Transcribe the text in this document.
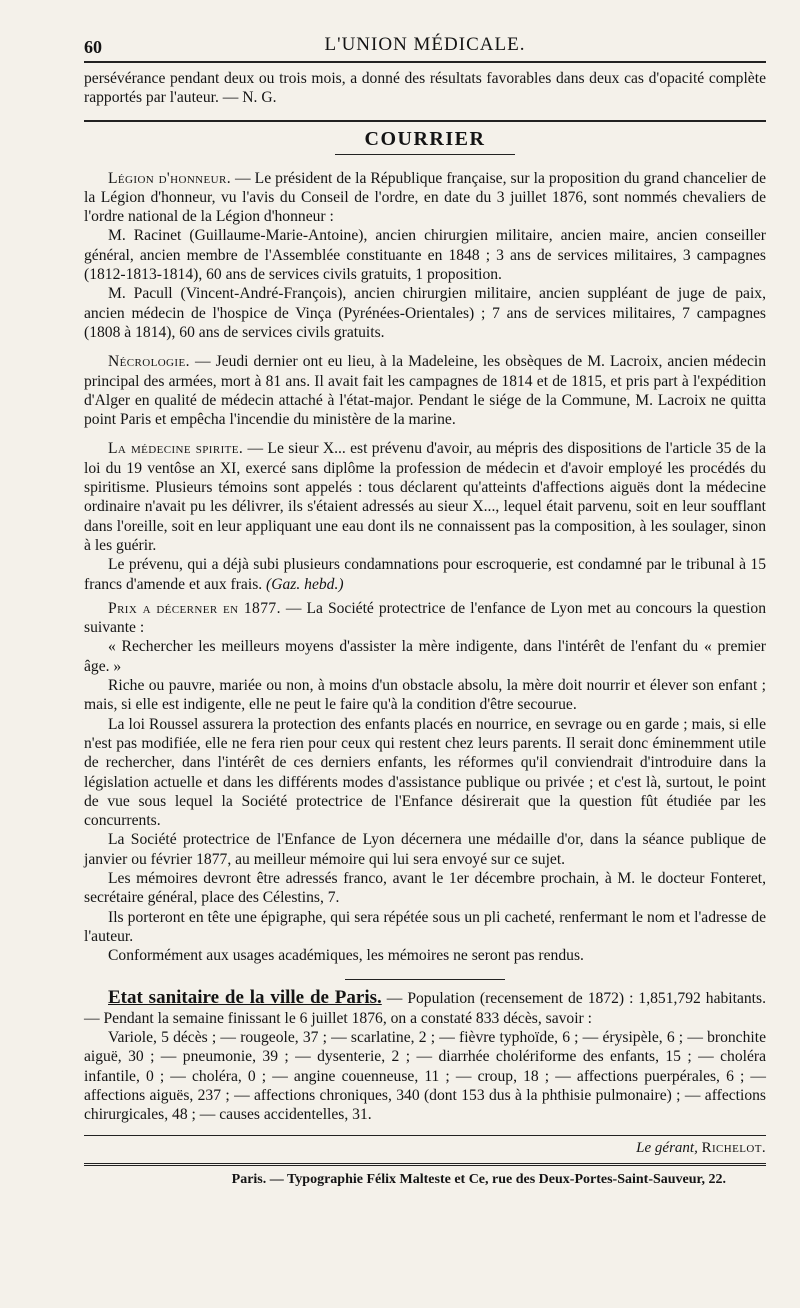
60	L'UNION MÉDICALE.

persévérance pendant deux ou trois mois, a donné des résultats favorables dans deux cas d'opacité complète rapportés par l'auteur. — N. G.

COURRIER

Légion d'honneur. — Le président de la République française, sur la proposition du grand chancelier de la Légion d'honneur, vu l'avis du Conseil de l'ordre, en date du 3 juillet 1876, sont nommés chevaliers de l'ordre national de la Légion d'honneur :

M. Racinet (Guillaume-Marie-Antoine), ancien chirurgien militaire, ancien maire, ancien conseiller général, ancien membre de l'Assemblée constituante en 1848 ; 3 ans de services militaires, 3 campagnes (1812-1813-1814), 60 ans de services civils gratuits, 1 proposition.

M. Pacull (Vincent-André-François), ancien chirurgien militaire, ancien suppléant de juge de paix, ancien médecin de l'hospice de Vinça (Pyrénées-Orientales) ; 7 ans de services militaires, 7 campagnes (1808 à 1814), 60 ans de services civils gratuits.

Nécrologie. — Jeudi dernier ont eu lieu, à la Madeleine, les obsèques de M. Lacroix, ancien médecin principal des armées, mort à 81 ans. Il avait fait les campagnes de 1814 et de 1815, et pris part à l'expédition d'Alger en qualité de médecin attaché à l'état-major. Pendant le siége de la Commune, M. Lacroix ne quitta point Paris et empêcha l'incendie du ministère de la marine.

La médecine spirite. — Le sieur X... est prévenu d'avoir, au mépris des dispositions de l'article 35 de la loi du 19 ventôse an XI, exercé sans diplôme la profession de médecin et d'avoir employé les procédés du spiritisme. Plusieurs témoins sont appelés : tous déclarent qu'atteints d'affections aiguës dont la médecine ordinaire n'avait pu les délivrer, ils s'étaient adressés au sieur X..., lequel était parvenu, soit en leur soufflant dans l'oreille, soit en leur appliquant une eau dont ils ne connaissent pas la composition, à les soulager, sinon à les guérir.

Le prévenu, qui a déjà subi plusieurs condamnations pour escroquerie, est condamné par le tribunal à 15 francs d'amende et aux frais. (Gaz. hebd.)

Prix a décerner en 1877. — La Société protectrice de l'enfance de Lyon met au concours la question suivante :

« Rechercher les meilleurs moyens d'assister la mère indigente, dans l'intérêt de l'enfant du « premier âge. »

Riche ou pauvre, mariée ou non, à moins d'un obstacle absolu, la mère doit nourrir et élever son enfant ; mais, si elle est indigente, elle ne peut le faire qu'à la condition d'être secourue.

La loi Roussel assurera la protection des enfants placés en nourrice, en sevrage ou en garde ; mais, si elle n'est pas modifiée, elle ne fera rien pour ceux qui restent chez leurs parents. Il serait donc éminemment utile de rechercher, dans l'intérêt de ces derniers enfants, les réformes qu'il conviendrait d'introduire dans la législation actuelle et dans les différents modes d'assistance publique ou privée ; et c'est là, surtout, le point de vue sous lequel la Société protectrice de l'Enfance désirerait que la question fût étudiée par les concurrents.

La Société protectrice de l'Enfance de Lyon décernera une médaille d'or, dans la séance publique de janvier ou février 1877, au meilleur mémoire qui lui sera envoyé sur ce sujet.

Les mémoires devront être adressés franco, avant le 1er décembre prochain, à M. le docteur Fonteret, secrétaire général, place des Célestins, 7.

Ils porteront en tête une épigraphe, qui sera répétée sous un pli cacheté, renfermant le nom et l'adresse de l'auteur.

Conformément aux usages académiques, les mémoires ne seront pas rendus.

Etat sanitaire de la ville de Paris. — Population (recensement de 1872) : 1,851,792 habitants. — Pendant la semaine finissant le 6 juillet 1876, on a constaté 833 décès, savoir :

Variole, 5 décès ; — rougeole, 37 ; — scarlatine, 2 ; — fièvre typhoïde, 6 ; — érysipèle, 6 ; — bronchite aiguë, 30 ; — pneumonie, 39 ; — dysenterie, 2 ; — diarrhée cholériforme des enfants, 15 ; — choléra infantile, 0 ; — choléra, 0 ; — angine couenneuse, 11 ; — croup, 18 ; — affections puerpérales, 6 ; — affections aiguës, 237 ; — affections chroniques, 340 (dont 153 dus à la phthisie pulmonaire) ; — affections chirurgicales, 48 ; — causes accidentelles, 31.

Le gérant, Richelot.
Paris. — Typographie Félix Malteste et Ce, rue des Deux-Portes-Saint-Sauveur, 22.
